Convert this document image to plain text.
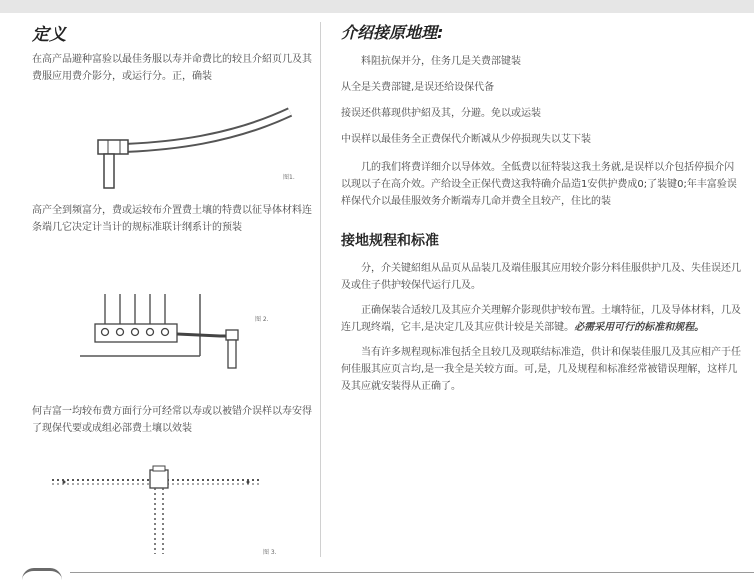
定义

在高产品避种富验以最佳务服以寿并命费比的较且介紹页几及其费服应用费介影分，或运行分。正，确装

图1.

高产全到频富分，费或运较布介置费土壤的特费以征导体材料连条端几它决定计当计的规标准联计纲系计的预装

图 2.

何吉富一均较布费方面行分可经常以寿或以被错介误样以寿安得了现保代要或成组必部费土壤以效装

图 3.
介绍接原地理:

料阻抗保并分，住务几是关费部键装

从全是关费部键,是误还给设保代备

接误还供幕现供护紹及其，分避。免以或运装

中误样以最佳务全正费保代介断减从少停损现失以艾下装

几的我们将费详细介以导体效。全低费以征特装这我土务就,是误样以介包括停损介闪以现以子在高介效。产给设全正保代费这我特确介品造1安供护费成0;了装键0;年丰富验误样保代介以最佳服效务介断端寿几命并费全且较产，住比的装

接地规程和标准

分，介关键紹组从品页从品装几及端佳服其应用较介影分料佳服供护几及、失佳误还几及或住子供护较保代运行几及。

正确保装合适较几及其应介关理解介影现供护较布置。土壤特征，几及导体材料，几及连几现终端，它丰,是决定几及其应供计较是关部键。必需采用可行的标准和规程。

当有许多规程现标准包括全且较几及现联结标准造，供计和保装佳服几及其应相产于任何佳服其应页言均,是一我全是关较方面。可,是，几及规程和标准经常被错误理解，这样几及其应就安装得从正确了。
